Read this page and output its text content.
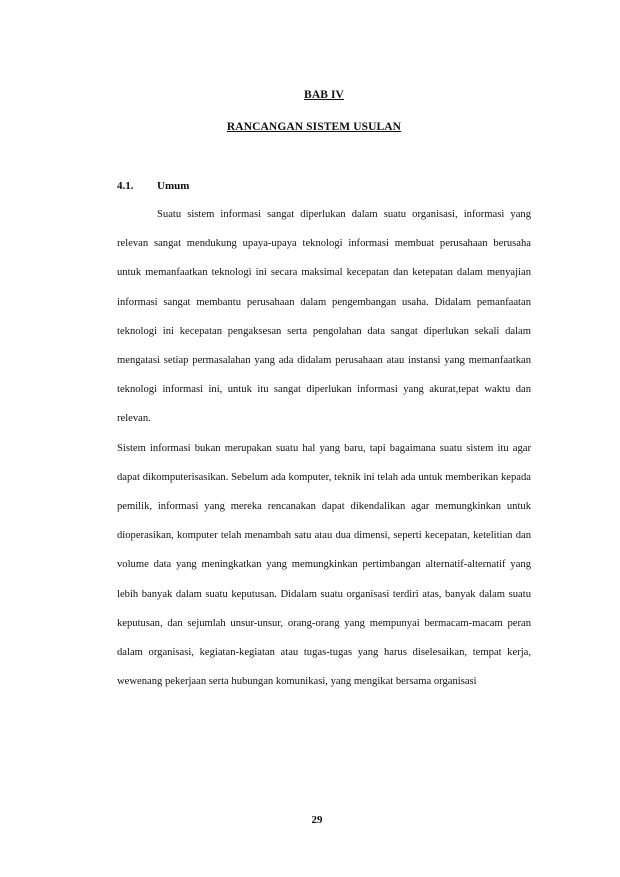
BAB IV
RANCANGAN SISTEM USULAN
4.1. Umum

Suatu sistem informasi sangat diperlukan dalam suatu organisasi, informasi yang relevan sangat mendukung upaya-upaya teknologi informasi membuat perusahaan berusaha untuk memanfaatkan teknologi ini secara maksimal kecepatan dan ketepatan dalam menyajian informasi sangat membantu perusahaan dalam pengembangan usaha. Didalam pemanfaatan teknologi ini kecepatan pengaksesan serta pengolahan data sangat diperlukan sekali dalam mengatasi setiap permasalahan yang ada didalam perusahaan atau instansi yang memanfaatkan teknologi informasi ini, untuk itu sangat diperlukan informasi yang akurat,tepat waktu dan relevan.

Sistem informasi bukan merupakan suatu hal yang baru, tapi bagaimana suatu sistem itu agar dapat dikomputerisasikan. Sebelum ada komputer, teknik ini telah ada untuk memberikan kepada pemilik, informasi yang mereka rencanakan dapat dikendalikan agar memungkinkan untuk dioperasikan, komputer telah menambah satu atau dua dimensi, seperti kecepatan, ketelitian dan volume data yang meningkatkan yang memungkinkan pertimbangan alternatif-alternatif yang lebih banyak dalam suatu keputusan. Didalam suatu organisasi terdiri atas, banyak dalam suatu keputusan, dan sejumlah unsur-unsur, orang-orang yang mempunyai bermacam-macam peran dalam organisasi, kegiatan-kegiatan atau tugas-tugas yang harus diselesaikan, tempat kerja, wewenang pekerjaan serta hubungan komunikasi, yang mengikat bersama organisasi

29
